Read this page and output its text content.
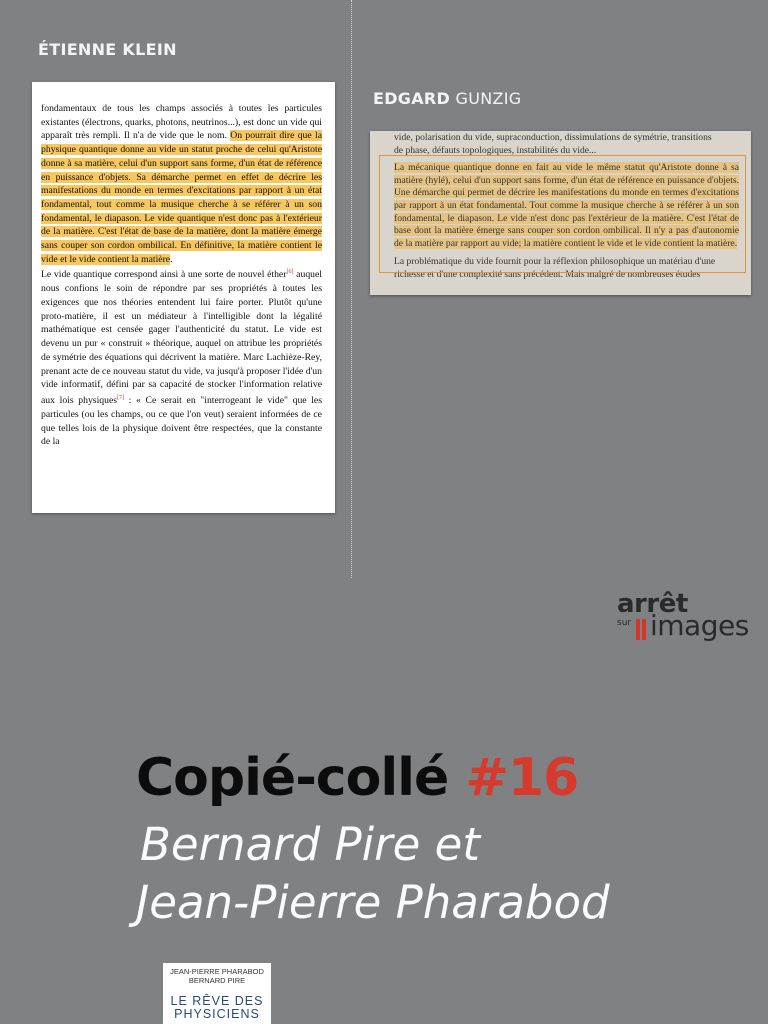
ÉTIENNE KLEIN
EDGARD GUNZIG
fondamentaux de tous les champs associés à toutes les particules existantes (électrons, quarks, photons, neutrinos...), est donc un vide qui apparaît très rempli. Il n'a de vide que le nom. On pourrait dire que la physique quantique donne au vide un statut proche de celui qu'Aristote donne à sa matière, celui d'un support sans forme, d'un état de référence en puissance d'objets. Sa démarche permet en effet de décrire les manifestations du monde en termes d'excitations par rapport à un état fondamental, tout comme la musique cherche à se référer à un son fondamental, le diapason. Le vide quantique n'est donc pas à l'extérieur de la matière. C'est l'état de base de la matière, dont la matière émerge sans couper son cordon ombilical. En définitive, la matière contient le vide et le vide contient la matière.
Le vide quantique correspond ainsi à une sorte de nouvel éther[6] auquel nous confions le soin de répondre par ses propriétés à toutes les exigences que nos théories entendent lui faire porter. Plutôt qu'une proto-matière, il est un médiateur à l'intelligible dont la légalité mathématique est censée gager l'authenticité du statut. Le vide est devenu un pur « construit » théorique, auquel on attribue les propriétés de symétrie des équations qui décrivent la matière. Marc Lachièze-Rey, prenant acte de ce nouveau statut du vide, va jusqu'à proposer l'idée d'un vide informatif, défini par sa capacité de stocker l'information relative aux lois physiques[7] : « Ce serait en "interrogeant le vide" que les particules (ou les champs, ou ce que l'on veut) seraient informées de ce que telles lois de la physique doivent être respectées, que la constante de la
vide, polarisation du vide, supraconduction, dissimulations de symétrie, transitions
de phase, défauts topologiques, instabilités du vide...
La mécanique quantique donne en fait au vide le même statut qu'Aristote donne à sa matière (hylé), celui d'un support sans forme, d'un état de référence en puissance d'objets. Une démarche qui permet de décrire les manifestations du monde en termes d'excitations par rapport à un état fondamental. Tout comme la musique cherche à se référer à un son fondamental, le diapason. Le vide n'est donc pas l'extérieur de la matière. C'est l'état de base dont la matière émerge sans couper son cordon ombilical. Il n'y a pas d'autonomie de la matière par rapport au vide; la matière contient le vide et le vide contient la matière.
La problématique du vide fournit pour la réflexion philosophique un matériau d'une
richesse et d'une complexité sans précédent. Mais malgré de nombreuses études
arrêt
sur images
Copié-collé #16
Bernard Pire et
Jean-Pierre Pharabod
JEAN-PIERRE PHARABOD
BERNARD PIRE
LE RÊVE DES
PHYSICIENS
